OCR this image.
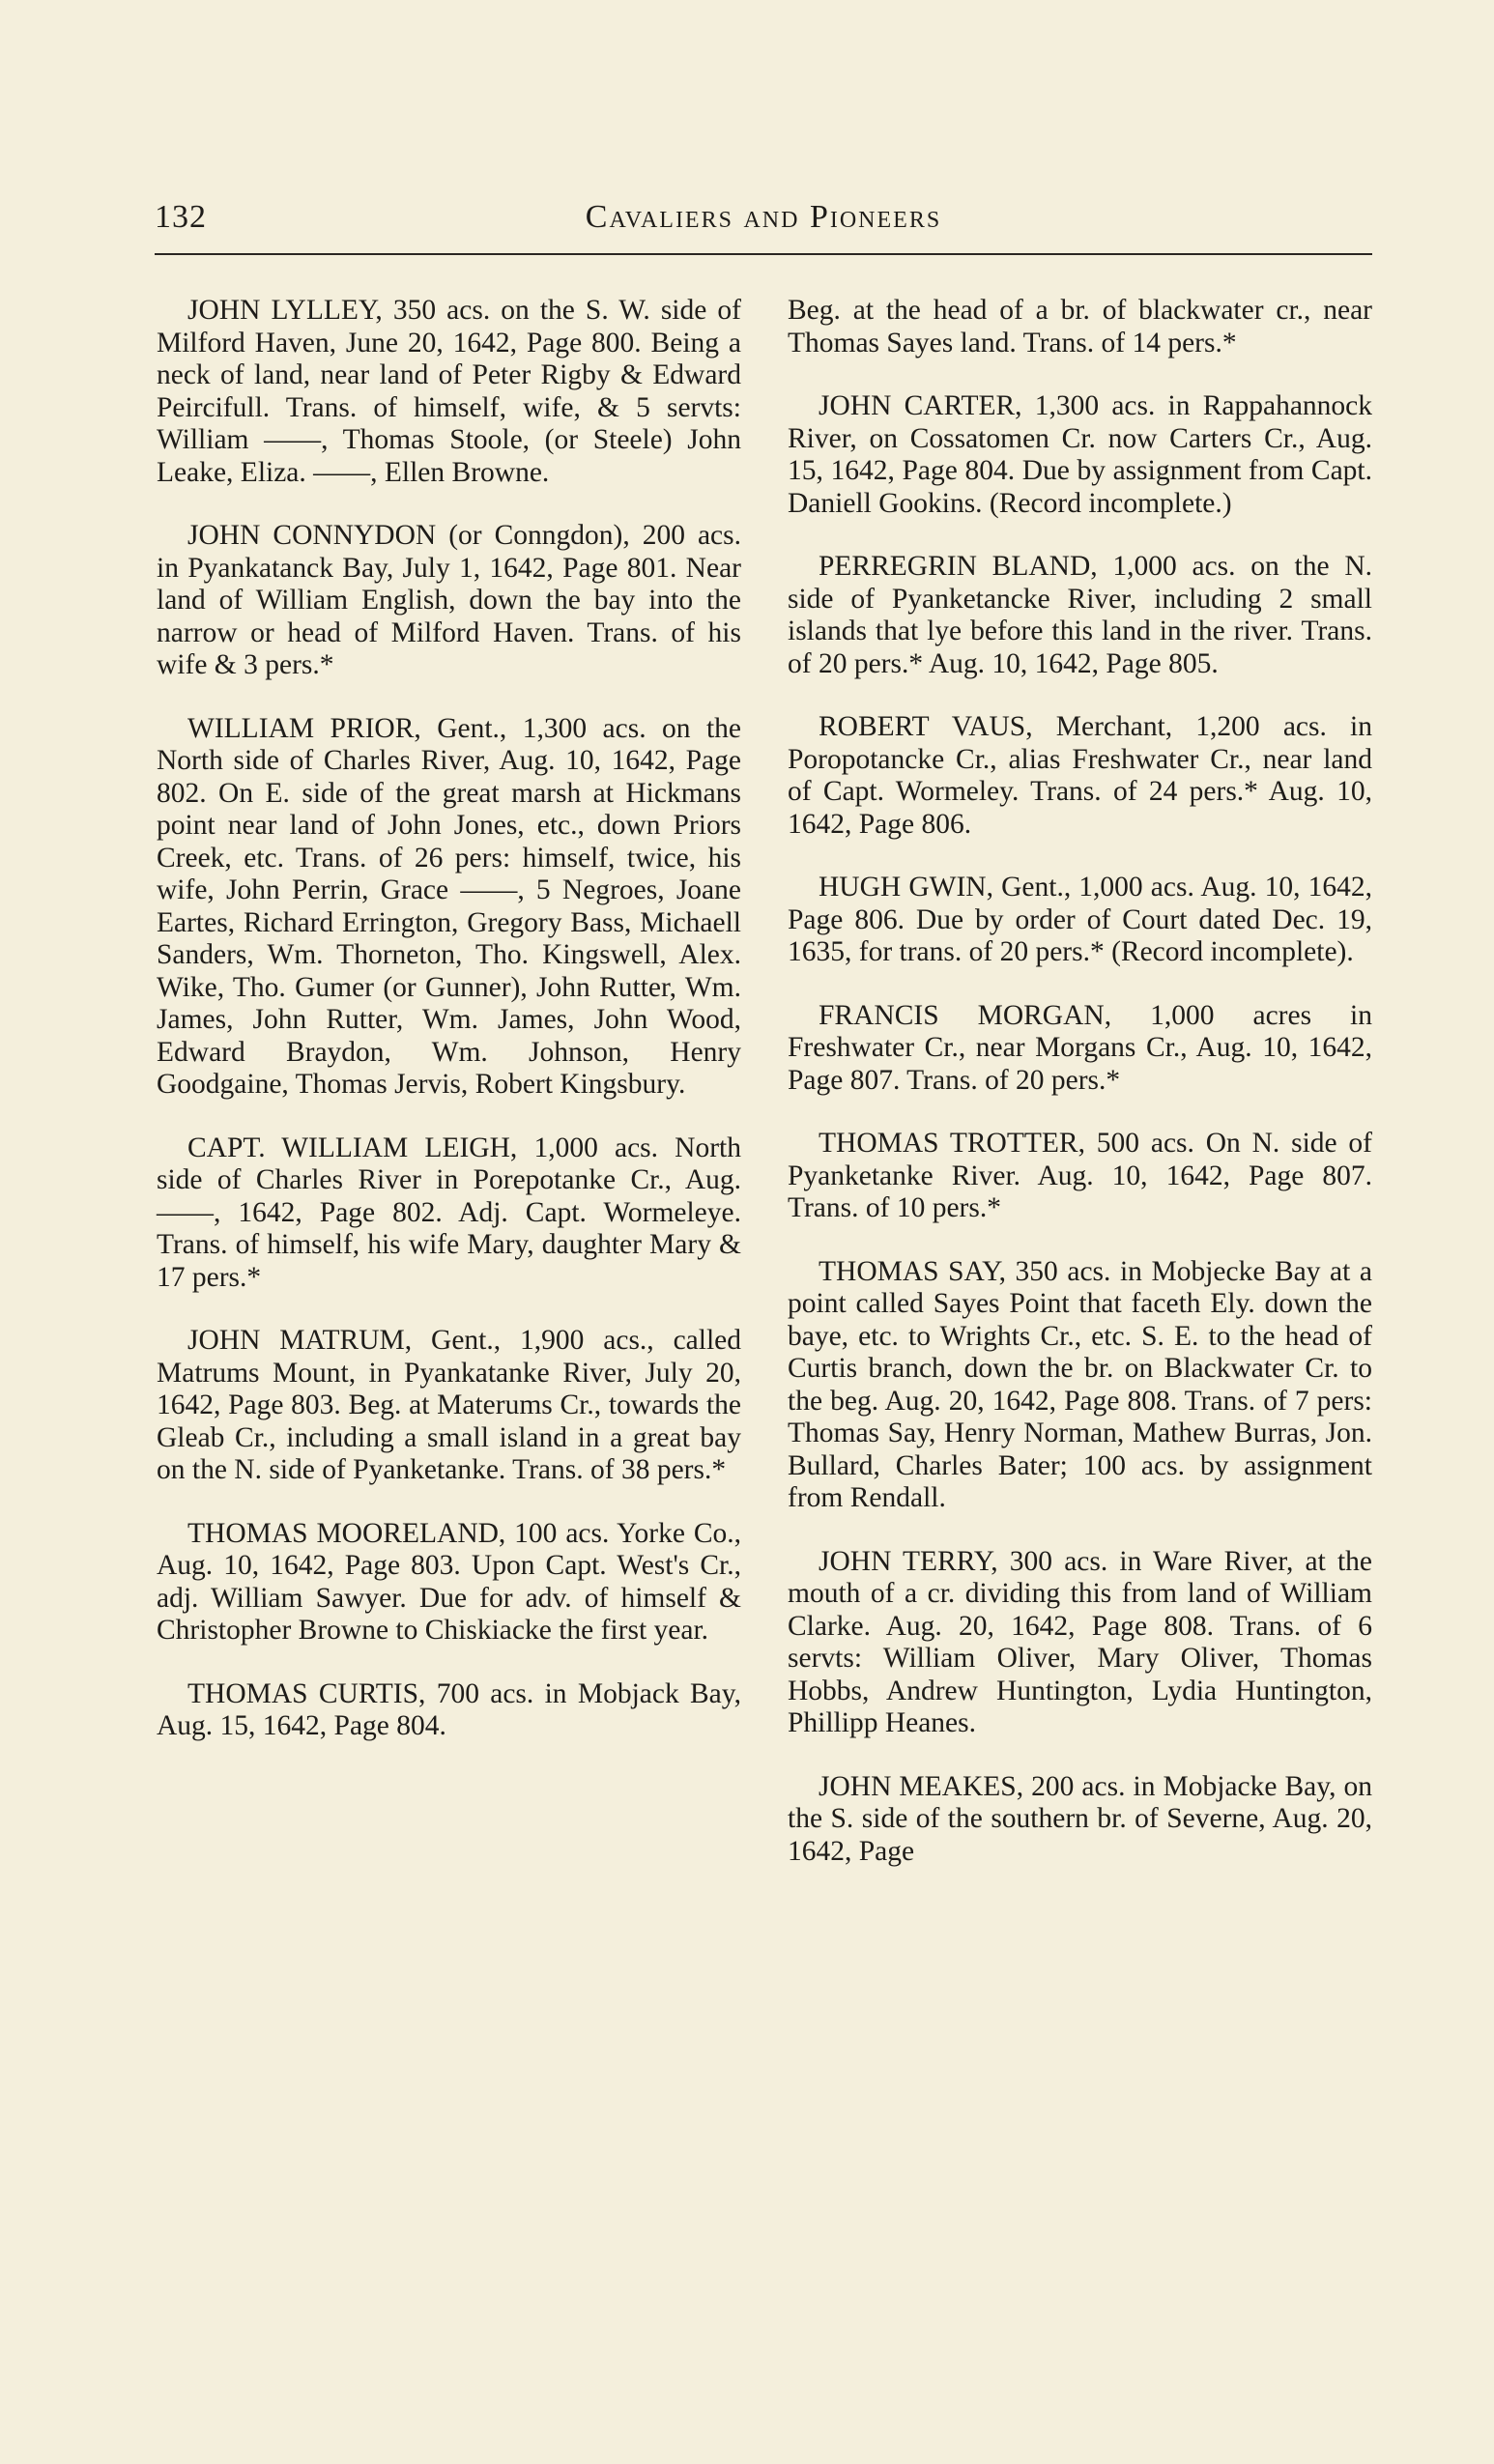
132	Cavaliers and Pioneers

JOHN LYLLEY, 350 acs. on the S. W. side of Milford Haven, June 20, 1642, Page 800. Being a neck of land, near land of Peter Rigby & Edward Peircifull. Trans. of himself, wife, & 5 servts: William ——, Thomas Stoole, (or Steele) John Leake, Eliza. ——, Ellen Browne.

JOHN CONNYDON (or Conngdon), 200 acs. in Pyankatanck Bay, July 1, 1642, Page 801. Near land of William English, down the bay into the narrow or head of Milford Haven. Trans. of his wife & 3 pers.*

WILLIAM PRIOR, Gent., 1,300 acs. on the North side of Charles River, Aug. 10, 1642, Page 802. On E. side of the great marsh at Hickmans point near land of John Jones, etc., down Priors Creek, etc. Trans. of 26 pers: himself, twice, his wife, John Perrin, Grace ——, 5 Negroes, Joane Eartes, Richard Errington, Gregory Bass, Michaell Sanders, Wm. Thorneton, Tho. Kingswell, Alex. Wike, Tho. Gumer (or Gunner), John Rutter, Wm. James, John Rutter, Wm. James, John Wood, Edward Braydon, Wm. Johnson, Henry Goodgaine, Thomas Jervis, Robert Kingsbury.

CAPT. WILLIAM LEIGH, 1,000 acs. North side of Charles River in Porepotanke Cr., Aug. ——, 1642, Page 802. Adj. Capt. Wormeleye. Trans. of himself, his wife Mary, daughter Mary & 17 pers.*

JOHN MATRUM, Gent., 1,900 acs., called Matrums Mount, in Pyankatanke River, July 20, 1642, Page 803. Beg. at Materums Cr., towards the Gleab Cr., including a small island in a great bay on the N. side of Pyanketanke. Trans. of 38 pers.*

THOMAS MOORELAND, 100 acs. Yorke Co., Aug. 10, 1642, Page 803. Upon Capt. West's Cr., adj. William Sawyer. Due for adv. of himself & Christopher Browne to Chiskiacke the first year.

THOMAS CURTIS, 700 acs. in Mobjack Bay, Aug. 15, 1642, Page 804.

Beg. at the head of a br. of blackwater cr., near Thomas Sayes land. Trans. of 14 pers.*

JOHN CARTER, 1,300 acs. in Rappahannock River, on Cossatomen Cr. now Carters Cr., Aug. 15, 1642, Page 804. Due by assignment from Capt. Daniell Gookins. (Record incomplete.)

PERREGRIN BLAND, 1,000 acs. on the N. side of Pyanketancke River, including 2 small islands that lye before this land in the river. Trans. of 20 pers.* Aug. 10, 1642, Page 805.

ROBERT VAUS, Merchant, 1,200 acs. in Poropotancke Cr., alias Freshwater Cr., near land of Capt. Wormeley. Trans. of 24 pers.* Aug. 10, 1642, Page 806.

HUGH GWIN, Gent., 1,000 acs. Aug. 10, 1642, Page 806. Due by order of Court dated Dec. 19, 1635, for trans. of 20 pers.* (Record incomplete).

FRANCIS MORGAN, 1,000 acres in Freshwater Cr., near Morgans Cr., Aug. 10, 1642, Page 807. Trans. of 20 pers.*

THOMAS TROTTER, 500 acs. On N. side of Pyanketanke River. Aug. 10, 1642, Page 807. Trans. of 10 pers.*

THOMAS SAY, 350 acs. in Mobjecke Bay at a point called Sayes Point that faceth Ely. down the baye, etc. to Wrights Cr., etc. S. E. to the head of Curtis branch, down the br. on Blackwater Cr. to the beg. Aug. 20, 1642, Page 808. Trans. of 7 pers: Thomas Say, Henry Norman, Mathew Burras, Jon. Bullard, Charles Bater; 100 acs. by assignment from Rendall.

JOHN TERRY, 300 acs. in Ware River, at the mouth of a cr. dividing this from land of William Clarke. Aug. 20, 1642, Page 808. Trans. of 6 servts: William Oliver, Mary Oliver, Thomas Hobbs, Andrew Huntington, Lydia Huntington, Phillipp Heanes.

JOHN MEAKES, 200 acs. in Mobjacke Bay, on the S. side of the southern br. of Severne, Aug. 20, 1642, Page
